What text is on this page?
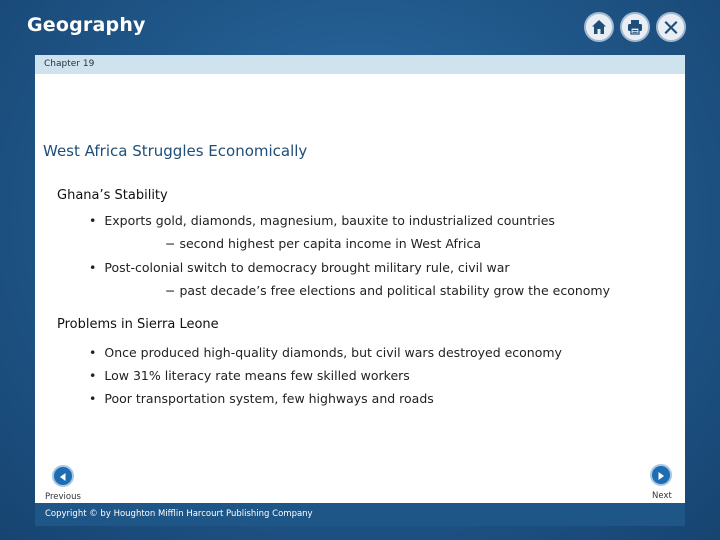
Geography
Chapter 19
West Africa Struggles Economically
Ghana’s Stability
• Exports gold, diamonds, magnesium, bauxite to industrialized countries
− second highest per capita income in West Africa
• Post-colonial switch to democracy brought military rule, civil war
− past decade’s free elections and political stability grow the economy
Problems in Sierra Leone
• Once produced high-quality diamonds, but civil wars destroyed economy
• Low 31% literacy rate means few skilled workers
• Poor transportation system, few highways and roads
Previous	Next
Copyright © by Houghton Mifflin Harcourt Publishing Company
